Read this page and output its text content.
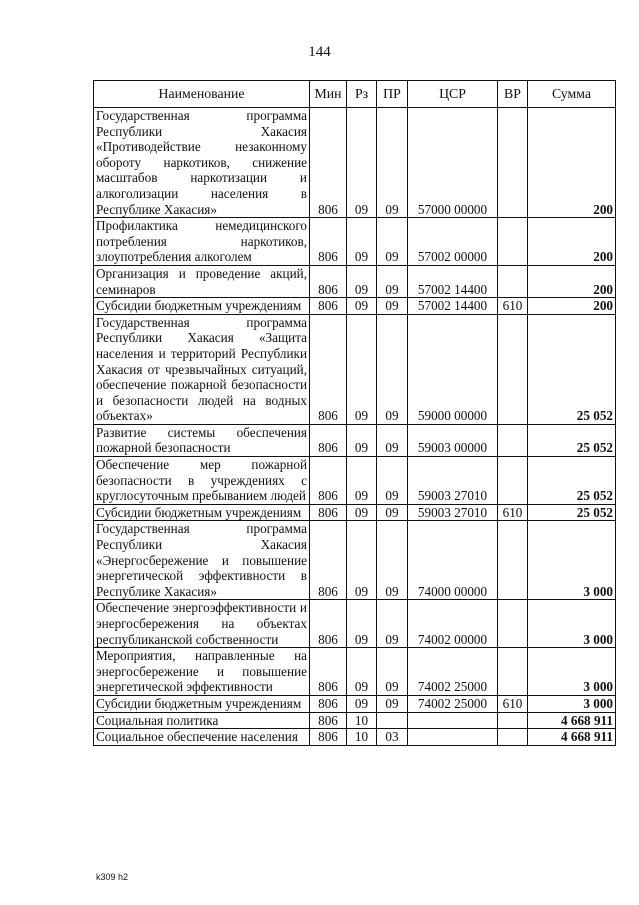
144
Наименование	Мин	Рз	ПР	ЦСР	ВР	Сумма
Государственная программа Республики Хакасия «Противодействие незаконному обороту наркотиков, снижение масштабов наркотизации и алкоголизации населения в Республике Хакасия»	806	09	09	57000 00000		200
Профилактика немедицинского потребления наркотиков, злоупотребления алкоголем	806	09	09	57002 00000		200
Организация и проведение акций, семинаров	806	09	09	57002 14400		200
Субсидии бюджетным учреждениям	806	09	09	57002 14400	610	200
Государственная программа Республики Хакасия «Защита населения и территорий Республики Хакасия от чрезвычайных ситуаций, обеспечение пожарной безопасности и безопасности людей на водных объектах»	806	09	09	59000 00000		25 052
Развитие системы обеспечения пожарной безопасности	806	09	09	59003 00000		25 052
Обеспечение мер пожарной безопасности в учреждениях с круглосуточным пребыванием людей	806	09	09	59003 27010		25 052
Субсидии бюджетным учреждениям	806	09	09	59003 27010	610	25 052
Государственная программа Республики Хакасия «Энергосбережение и повышение энергетической эффективности в Республике Хакасия»	806	09	09	74000 00000		3 000
Обеспечение энергоэффективности и энергосбережения на объектах республиканской собственности	806	09	09	74002 00000		3 000
Мероприятия, направленные на энергосбережение и повышение энергетической эффективности	806	09	09	74002 25000		3 000
Субсидии бюджетным учреждениям	806	09	09	74002 25000	610	3 000
Социальная политика	806	10				4 668 911
Социальное обеспечение населения	806	10	03			4 668 911
k309 h2
